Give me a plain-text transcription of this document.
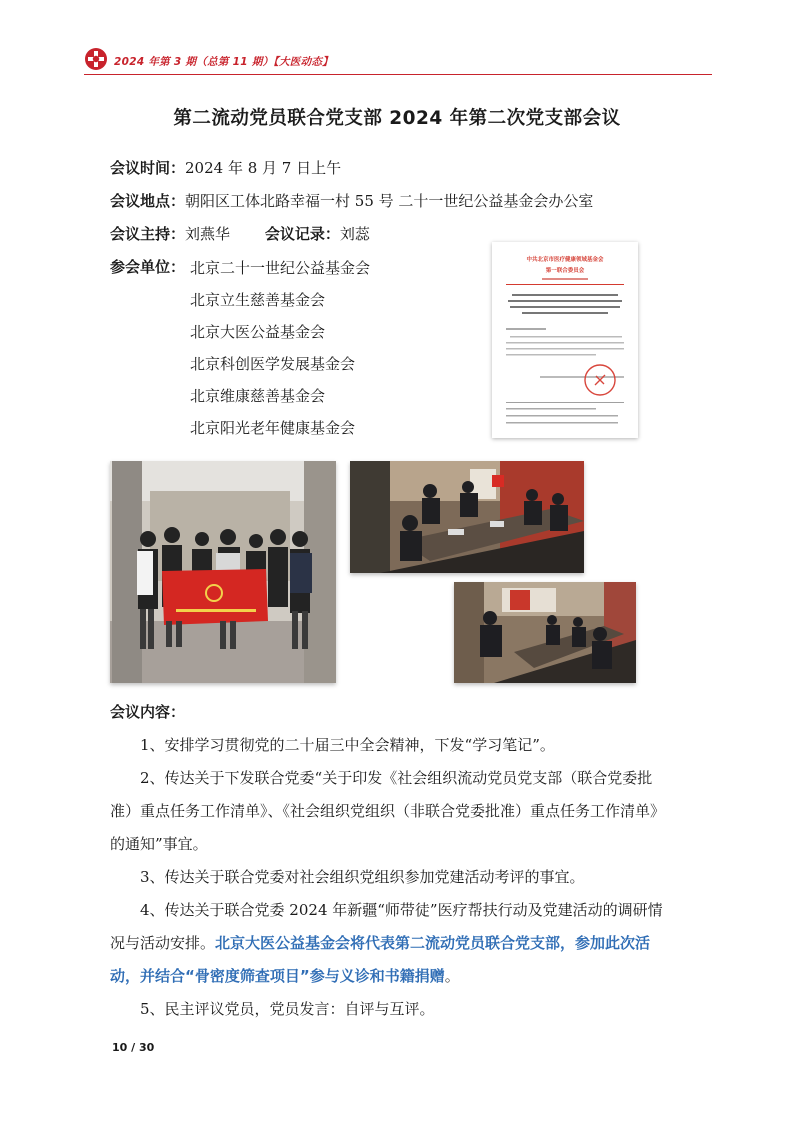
2024 年第 3 期（总第 11 期）【大医动态】
第二流动党员联合党支部 2024 年第二次党支部会议
会议时间：2024 年 8 月 7 日上午
会议地点：朝阳区工体北路幸福一村 55 号 二十一世纪公益基金会办公室
会议主持：刘燕华 会议记录：刘蕊
参会单位： 北京二十一世纪公益基金会
北京立生慈善基金会
北京大医公益基金会
北京科创医学发展基金会
北京维康慈善基金会
北京阳光老年健康基金会
中共北京市医疗健康领域基金会
第一联合委员会
会议内容：

1、安排学习贯彻党的二十届三中全会精神，下发“学习笔记”。

2、传达关于下发联合党委“关于印发《社会组织流动党员党支部（联合党委批准）重点任务工作清单》、《社会组织党组织（非联合党委批准）重点任务工作清单》的通知”事宜。

3、传达关于联合党委对社会组织党组织参加党建活动考评的事宜。

4、传达关于联合党委 2024 年新疆“师带徒”医疗帮扶行动及党建活动的调研情况与活动安排。北京大医公益基金会将代表第二流动党员联合党支部，参加此次活动，并结合“骨密度筛查项目”参与义诊和书籍捐赠。

5、民主评议党员，党员发言：自评与互评。

10 / 30
